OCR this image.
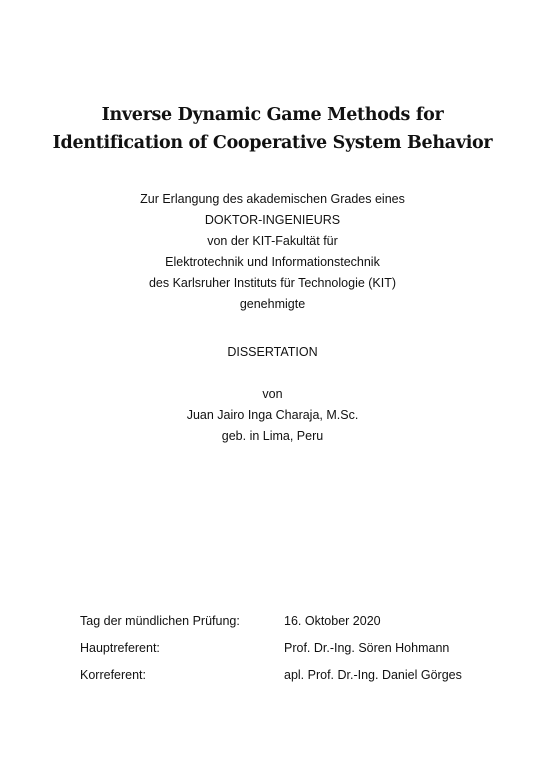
Inverse Dynamic Game Methods for
Identification of Cooperative System Behavior
Zur Erlangung des akademischen Grades eines
DOKTOR-INGENIEURS
von der KIT-Fakultät für
Elektrotechnik und Informationstechnik
des Karlsruher Instituts für Technologie (KIT)
genehmigte
DISSERTATION
von
Juan Jairo Inga Charaja, M.Sc.
geb. in Lima, Peru
Tag der mündlichen Prüfung:	16. Oktober 2020
Hauptreferent:	Prof. Dr.-Ing. Sören Hohmann
Korreferent:	apl. Prof. Dr.-Ing. Daniel Görges
